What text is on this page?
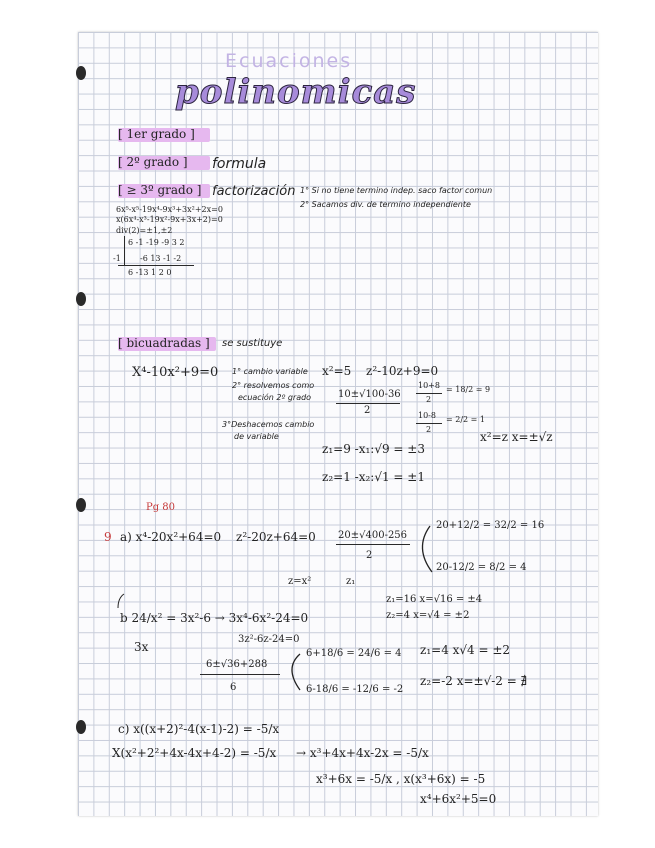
Ecuaciones
polinomicas
[ 1er grado ]
[ 2º grado ] formula
[ ≥ 3º grado ] factorización 1° Si no tiene termino indep. saco factor comun
2° Sacamos div. de termino independiente
6x⁵-x⁵-19x⁴-9x³+3x²+2x=0
x(6x⁴-x³-19x²-9x+3x+2)=0
div(2)=±1,±2
6 -1 -19 -9 3 2
-1 -6 13 -1 -2
6 -13 1 2 0
[ bicuadradas ] se sustituye
X⁴-10x²+9=0 1° cambio variable x²=5 z²-10z+9=0
2° resolvemos como
ecuación 2º grado	10±√100-36
2
10+8
2
= 18/2 = 9
10-8
2
= 2/2 = 1
3°Deshacemos cambio
de variable	x²=z x=±√z
z₁=9 -x₁:√9 = ±3
z₂=1 -x₂:√1 = ±1
Pg 80
9 a) x⁴-20x²+64=0 z²-20z+64=0 20±√400-256
2
20+12/2 = 32/2 = 16
20-12/2 = 8/2 = 4
z=x²	z₁
z₁=16 x=√16 = ±4
z₂=4 x=√4 = ±2
b 24/x² = 3x²-6 → 3x⁴-6x²-24=0
3x
3z²-6z-24=0
6±√36+288
6
6+18/6 = 24/6 = 4
6-18/6 = -12/6 = -2
z₁=4 x√4 = ±2
z₂=-2 x=±√-2 = ∄
c) x((x+2)²-4(x-1)-2) = -5/x
X(x²+2²+4x-4x+4-2) = -5/x → x³+4x+4x-2x = -5/x
x³+6x = -5/x , x(x³+6x) = -5
x⁴+6x²+5=0
